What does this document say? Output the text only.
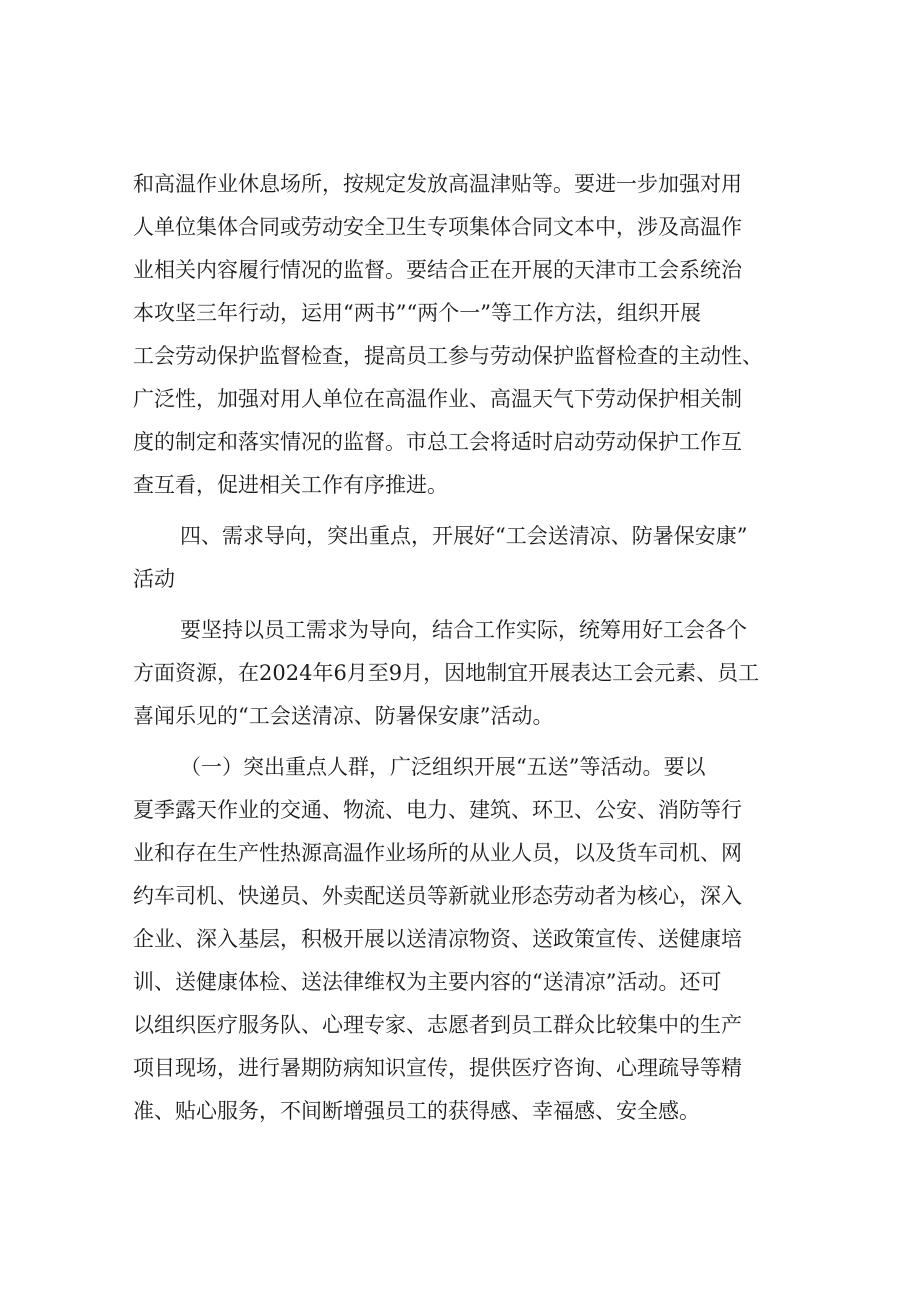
和高温作业休息场所，按规定发放高温津贴等。要进一步加强对用

人单位集体合同或劳动安全卫生专项集体合同文本中，涉及高温作

业相关内容履行情况的监督。要结合正在开展的天津市工会系统治

本攻坚三年行动，运用“两书”“两个一”等工作方法，组织开展

工会劳动保护监督检查，提高员工参与劳动保护监督检查的主动性、

广泛性，加强对用人单位在高温作业、高温天气下劳动保护相关制

度的制定和落实情况的监督。市总工会将适时启动劳动保护工作互

查互看，促进相关工作有序推进。

四、需求导向，突出重点，开展好“工会送清凉、防暑保安康”

活动

要坚持以员工需求为导向，结合工作实际，统筹用好工会各个

方面资源，在2024年6月至9月，因地制宜开展表达工会元素、员工

喜闻乐见的“工会送清凉、防暑保安康”活动。

（一）突出重点人群，广泛组织开展“五送”等活动。要以

夏季露天作业的交通、物流、电力、建筑、环卫、公安、消防等行

业和存在生产性热源高温作业场所的从业人员，以及货车司机、网

约车司机、快递员、外卖配送员等新就业形态劳动者为核心，深入

企业、深入基层，积极开展以送清凉物资、送政策宣传、送健康培

训、送健康体检、送法律维权为主要内容的“送清凉”活动。还可

以组织医疗服务队、心理专家、志愿者到员工群众比较集中的生产

项目现场，进行暑期防病知识宣传，提供医疗咨询、心理疏导等精

准、贴心服务，不间断增强员工的获得感、幸福感、安全感。
